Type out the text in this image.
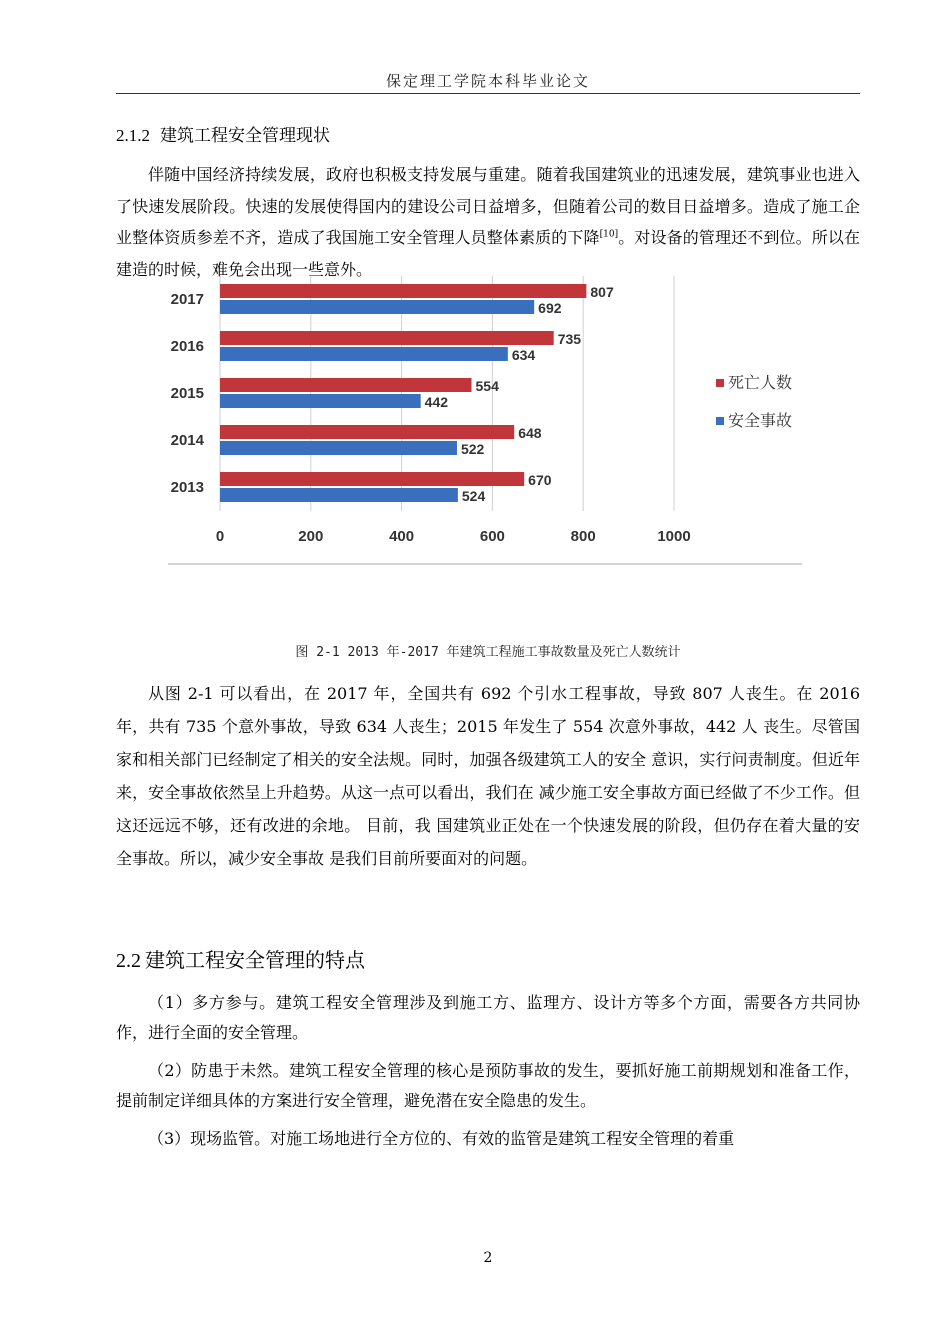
保定理工学院本科毕业论文
2.1.2 建筑工程安全管理现状
伴随中国经济持续发展，政府也积极支持发展与重建。随着我国建筑业的迅速发展，建筑事业也进入了快速发展阶段。快速的发展使得国内的建设公司日益增多，但随着公司的数目日益增多。造成了施工企业整体资质参差不齐，造成了我国施工安全管理人员整体素质的下降[10]。对设备的管理还不到位。所以在建造的时候，难免会出现一些意外。
807
692
735
634
554
442
648
522
670
524
2017
2016
2015
2014
2013
0	200	400	600	800	1000
死亡人数
安全事故
图 2-1 2013 年-2017 年建筑工程施工事故数量及死亡人数统计
从图 2-1 可以看出，在 2017 年，全国共有 692 个引水工程事故，导致 807 人丧生。在 2016 年，共有 735 个意外事故，导致 634 人丧生；2015 年发生了 554 次意外事故，442 人 丧生。尽管国家和相关部门已经制定了相关的安全法规。同时，加强各级建筑工人的安全 意识，实行问责制度。但近年来，安全事故依然呈上升趋势。从这一点可以看出，我们在 减少施工安全事故方面已经做了不少工作。但这还远远不够，还有改进的余地。 目前，我 国建筑业正处在一个快速发展的阶段，但仍存在着大量的安全事故。所以，减少安全事故 是我们目前所要面对的问题。
2.2 建筑工程安全管理的特点
（1）多方参与。建筑工程安全管理涉及到施工方、监理方、设计方等多个方面，需要各方共同协作，进行全面的安全管理。
（2）防患于未然。建筑工程安全管理的核心是预防事故的发生，要抓好施工前期规划和准备工作，提前制定详细具体的方案进行安全管理，避免潜在安全隐患的发生。
（3）现场监管。对施工场地进行全方位的、有效的监管是建筑工程安全管理的着重
2
